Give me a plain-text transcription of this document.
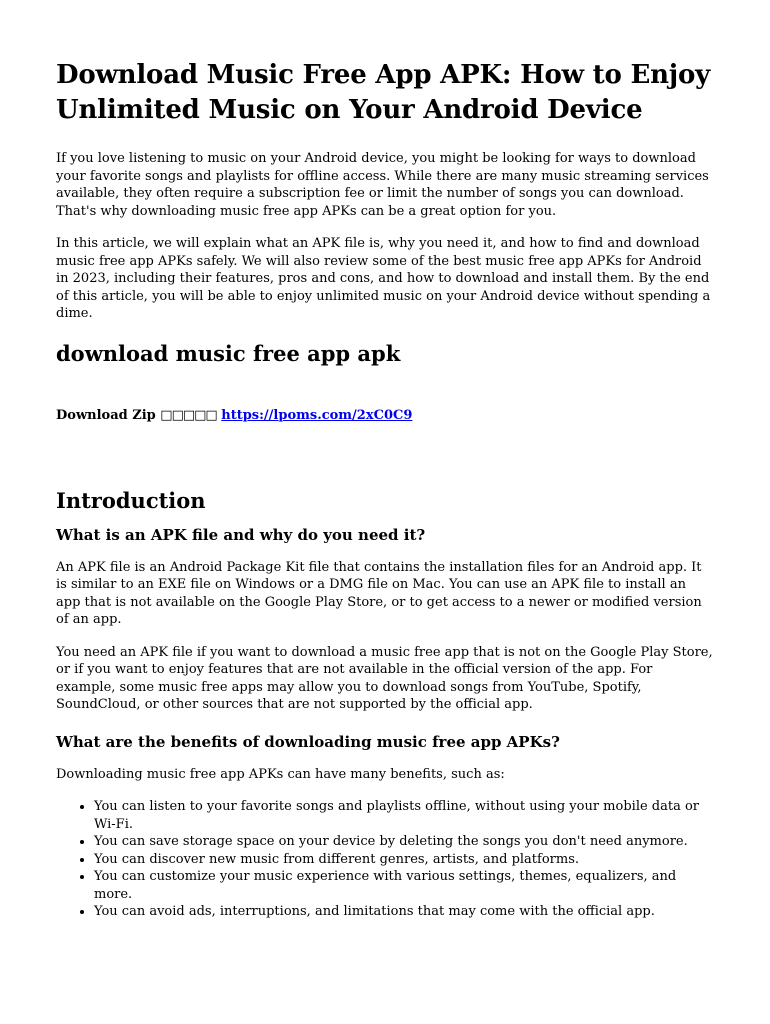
Download Music Free App APK: How to Enjoy Unlimited Music on Your Android Device

If you love listening to music on your Android device, you might be looking for ways to download your favorite songs and playlists for offline access. While there are many music streaming services available, they often require a subscription fee or limit the number of songs you can download. That's why downloading music free app APKs can be a great option for you.

In this article, we will explain what an APK file is, why you need it, and how to find and download music free app APKs safely. We will also review some of the best music free app APKs for Android in 2023, including their features, pros and cons, and how to download and install them. By the end of this article, you will be able to enjoy unlimited music on your Android device without spending a dime.

download music free app apk
Download Zip □□□□□ https://lpoms.com/2xC0C9
Introduction
What is an APK file and why do you need it?

An APK file is an Android Package Kit file that contains the installation files for an Android app. It is similar to an EXE file on Windows or a DMG file on Mac. You can use an APK file to install an app that is not available on the Google Play Store, or to get access to a newer or modified version of an app.

You need an APK file if you want to download a music free app that is not on the Google Play Store, or if you want to enjoy features that are not available in the official version of the app. For example, some music free apps may allow you to download songs from YouTube, Spotify, SoundCloud, or other sources that are not supported by the official app.

What are the benefits of downloading music free app APKs?

Downloading music free app APKs can have many benefits, such as:

• You can listen to your favorite songs and playlists offline, without using your mobile data or Wi-Fi.
• You can save storage space on your device by deleting the songs you don't need anymore.
• You can discover new music from different genres, artists, and platforms.
• You can customize your music experience with various settings, themes, equalizers, and more.
• You can avoid ads, interruptions, and limitations that may come with the official app.
